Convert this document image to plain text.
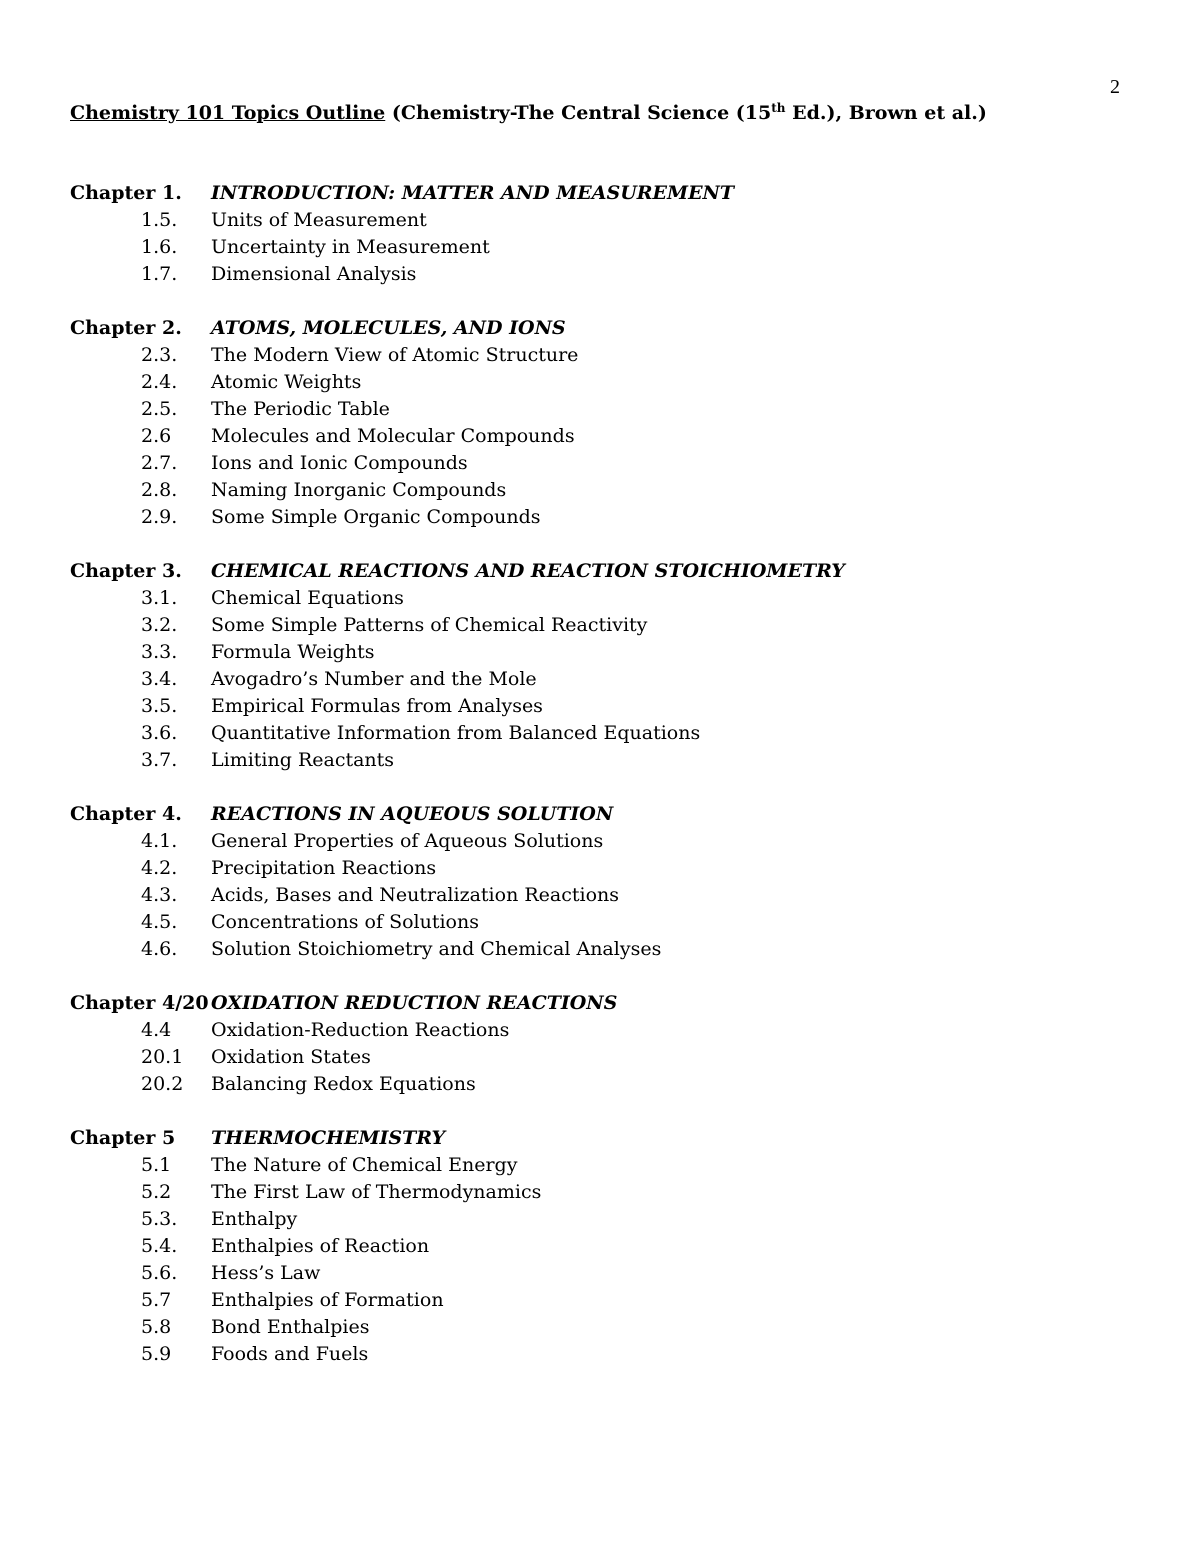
2
Chemistry 101 Topics Outline (Chemistry-The Central Science (15th Ed.), Brown et al.)
Chapter 1.	INTRODUCTION: MATTER AND MEASUREMENT
1.5.	Units of Measurement
1.6.	Uncertainty in Measurement
1.7.	Dimensional Analysis
Chapter 2.	ATOMS, MOLECULES, AND IONS
2.3.	The Modern View of Atomic Structure
2.4.	Atomic Weights
2.5.	The Periodic Table
2.6	Molecules and Molecular Compounds
2.7.	Ions and Ionic Compounds
2.8.	Naming Inorganic Compounds
2.9.	Some Simple Organic Compounds
Chapter 3.	CHEMICAL REACTIONS AND REACTION STOICHIOMETRY
3.1.	Chemical Equations
3.2.	Some Simple Patterns of Chemical Reactivity
3.3.	Formula Weights
3.4.	Avogadro’s Number and the Mole
3.5.	Empirical Formulas from Analyses
3.6.	Quantitative Information from Balanced Equations
3.7.	Limiting Reactants
Chapter 4.	REACTIONS IN AQUEOUS SOLUTION
4.1.	General Properties of Aqueous Solutions
4.2.	Precipitation Reactions
4.3.	Acids, Bases and Neutralization Reactions
4.5.	Concentrations of Solutions
4.6.	Solution Stoichiometry and Chemical Analyses
Chapter 4/20 OXIDATION REDUCTION REACTIONS
4.4	Oxidation-Reduction Reactions
20.1	Oxidation States
20.2	Balancing Redox Equations
Chapter 5	THERMOCHEMISTRY
5.1	The Nature of Chemical Energy
5.2	The First Law of Thermodynamics
5.3.	Enthalpy
5.4.	Enthalpies of Reaction
5.6.	Hess’s Law
5.7	Enthalpies of Formation
5.8	Bond Enthalpies
5.9	Foods and Fuels
